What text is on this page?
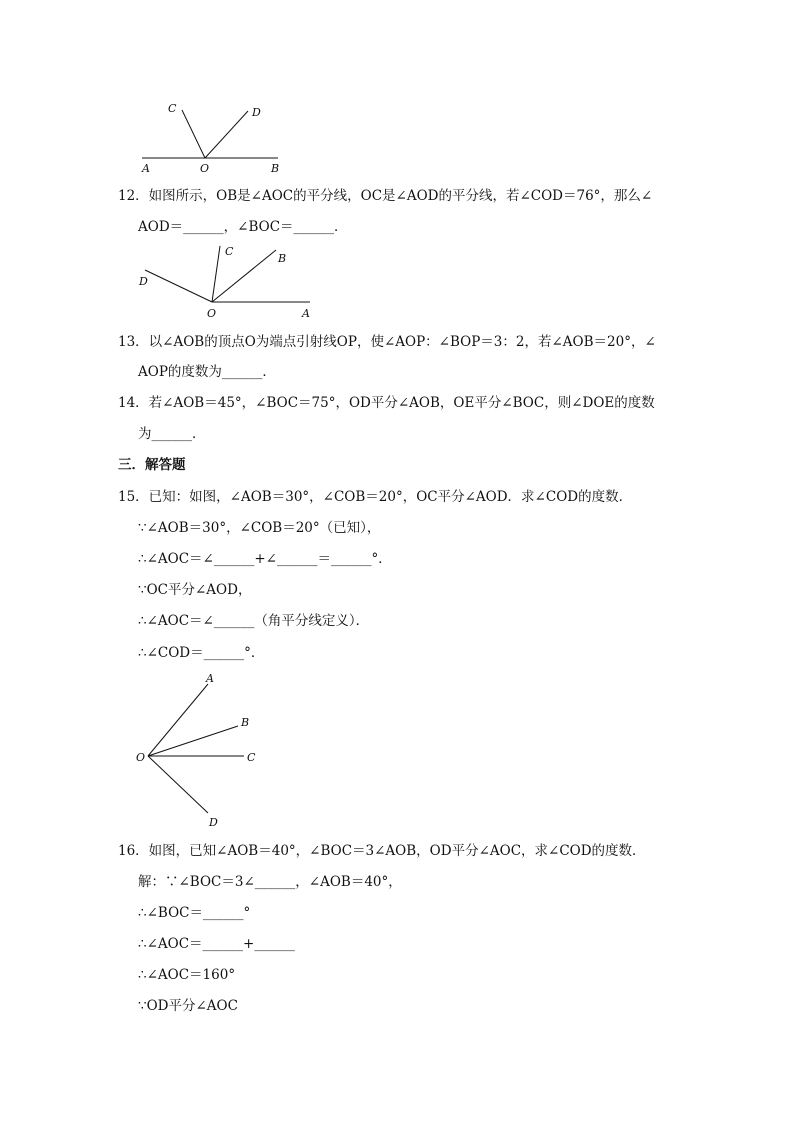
C	D
A	O	B
12．如图所示，OB是∠AOC的平分线，OC是∠AOD的平分线，若∠COD＝76°，那么∠
AOD＝______，∠BOC＝______．
C
B
D
O	A
13．以∠AOB的顶点O为端点引射线OP，使∠AOP：∠BOP＝3：2，若∠AOB＝20°，∠
AOP的度数为______．
14．若∠AOB＝45°，∠BOC＝75°，OD平分∠AOB，OE平分∠BOC，则∠DOE的度数
为______．
三．解答题
15．已知：如图，∠AOB＝30°，∠COB＝20°，OC平分∠AOD．求∠COD的度数．
∵∠AOB＝30°，∠COB＝20°（已知），
∴∠AOC＝∠______+∠______＝______°．
∵OC平分∠AOD，
∴∠AOC＝∠______（角平分线定义）．
∴∠COD＝______°．
A
B
O	C
D
16．如图，已知∠AOB＝40°，∠BOC＝3∠AOB，OD平分∠AOC，求∠COD的度数．
解：∵∠BOC＝3∠______，∠AOB＝40°，
∴∠BOC＝______°
∴∠AOC＝______+______
∴∠AOC＝160°
∵OD平分∠AOC
